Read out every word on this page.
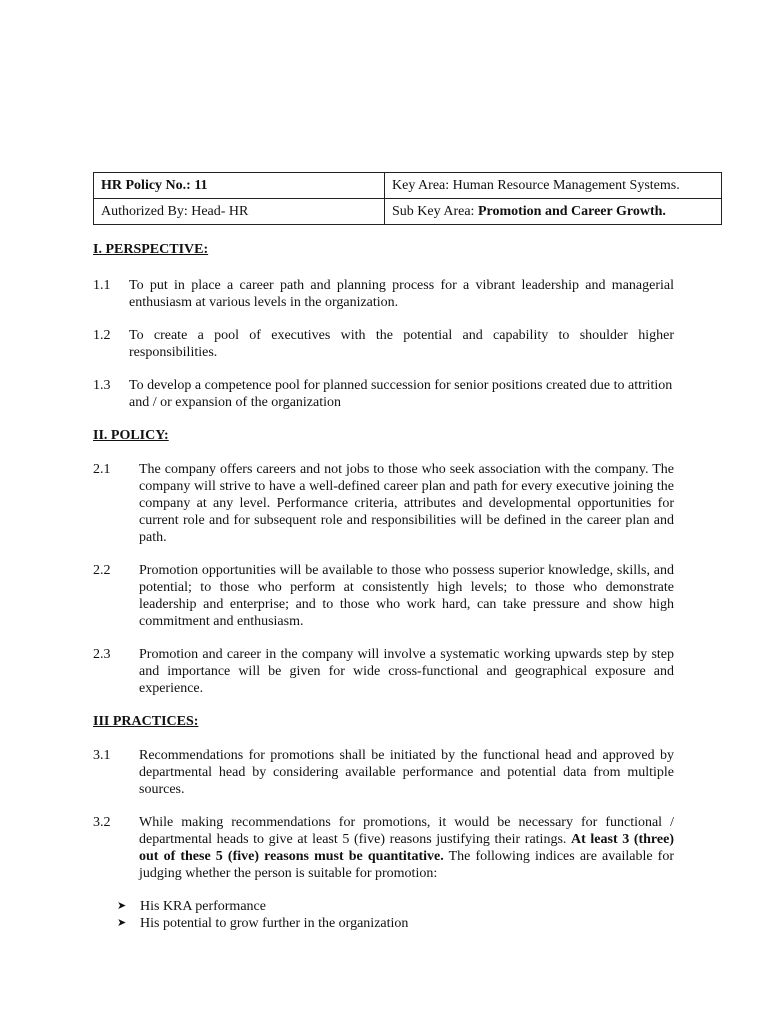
HR Policy No.: 11	Key Area: Human Resource Management Systems.
Authorized By: Head- HR	Sub Key Area: Promotion and Career Growth.

I. PERSPECTIVE:

1.1 To put in place a career path and planning process for a vibrant leadership and managerial enthusiasm at various levels in the organization.
1.2 To create a pool of executives with the potential and capability to shoulder higher responsibilities.
1.3 To develop a competence pool for planned succession for senior positions created due to attrition and / or expansion of the organization

II. POLICY:

2.1 The company offers careers and not jobs to those who seek association with the company. The company will strive to have a well-defined career plan and path for every executive joining the company at any level. Performance criteria, attributes and developmental opportunities for current role and for subsequent role and responsibilities will be defined in the career plan and path.
2.2 Promotion opportunities will be available to those who possess superior knowledge, skills, and potential; to those who perform at consistently high levels; to those who demonstrate leadership and enterprise; and to those who work hard, can take pressure and show high commitment and enthusiasm.
2.3 Promotion and career in the company will involve a systematic working upwards step by step and importance will be given for wide cross-functional and geographical exposure and experience.

III PRACTICES:

3.1 Recommendations for promotions shall be initiated by the functional head and approved by departmental head by considering available performance and potential data from multiple sources.
3.2 While making recommendations for promotions, it would be necessary for functional / departmental heads to give at least 5 (five) reasons justifying their ratings. At least 3 (three) out of these 5 (five) reasons must be quantitative. The following indices are available for judging whether the person is suitable for promotion:
➤ His KRA performance
➤ His potential to grow further in the organization
